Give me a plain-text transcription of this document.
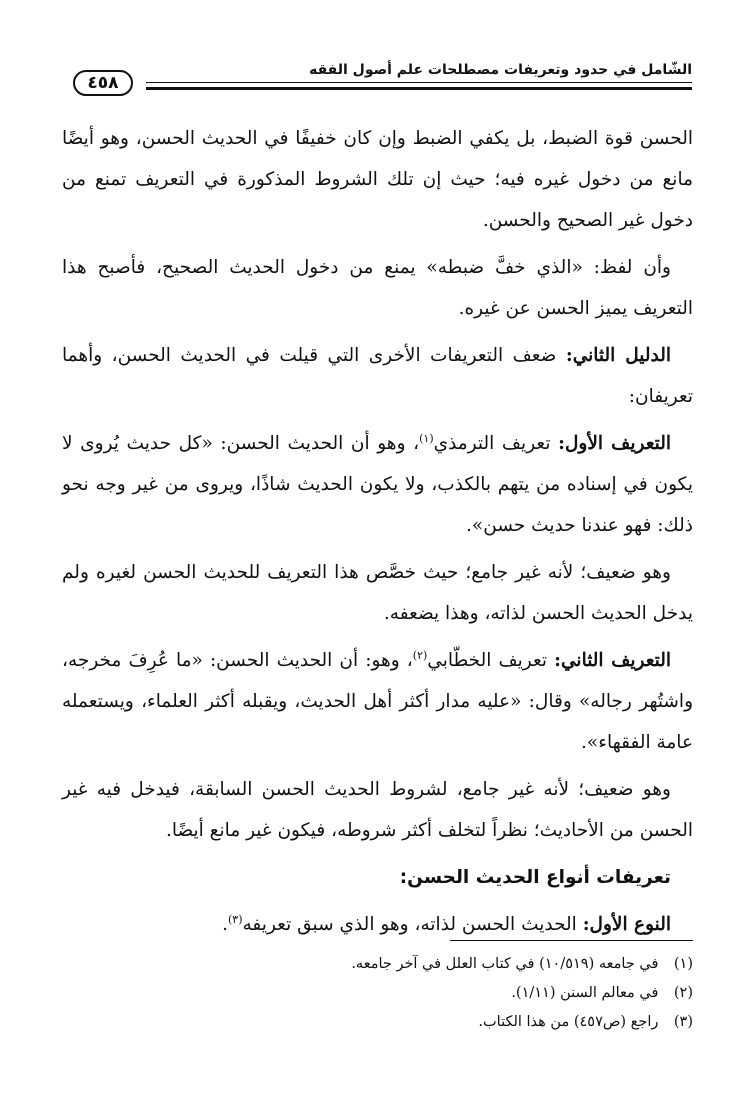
الشّامل في حدود وتعريفات مصطلحات علم أصول الفقه
٤٥٨

الحسن قوة الضبط، بل يكفي الضبط وإن كان خفيفًا في الحديث الحسن، وهو أيضًا مانع من دخول غيره فيه؛ حيث إن تلك الشروط المذكورة في التعريف تمنع من دخول غير الصحيح والحسن.

وأن لفظ: «الذي خفَّ ضبطه» يمنع من دخول الحديث الصحيح، فأصبح هذا التعريف يميز الحسن عن غيره.

الدليل الثاني: ضعف التعريفات الأخرى التي قيلت في الحديث الحسن، وأهما تعريفان:

التعريف الأول: تعريف الترمذي$^{(١)}$، وهو أن الحديث الحسن: «كل حديث يُروى لا يكون في إسناده من يتهم بالكذب، ولا يكون الحديث شاذًا، ويروى من غير وجه نحو ذلك: فهو عندنا حديث حسن».

وهو ضعيف؛ لأنه غير جامع؛ حيث خصَّص هذا التعريف للحديث الحسن لغيره ولم يدخل الحديث الحسن لذاته، وهذا يضعفه.

التعريف الثاني: تعريف الخطّابي$^{(٢)}$، وهو: أن الحديث الحسن: «ما عُرِفَ مخرجه، واشتُهر رجاله» وقال: «عليه مدار أكثر أهل الحديث، ويقبله أكثر العلماء، ويستعمله عامة الفقهاء».

وهو ضعيف؛ لأنه غير جامع، لشروط الحديث الحسن السابقة، فيدخل فيه غير الحسن من الأحاديث؛ نظراً لتخلف أكثر شروطه، فيكون غير مانع أيضًا.

تعريفات أنواع الحديث الحسن:

النوع الأول: الحديث الحسن لذاته، وهو الذي سبق تعريفه$^{(٣)}$.

(١) في جامعه (١٠/٥١٩) في كتاب العلل في آخر جامعه.

(٢) في معالم السنن (١/١١).

(٣) راجع (ص٤٥٧) من هذا الكتاب.
